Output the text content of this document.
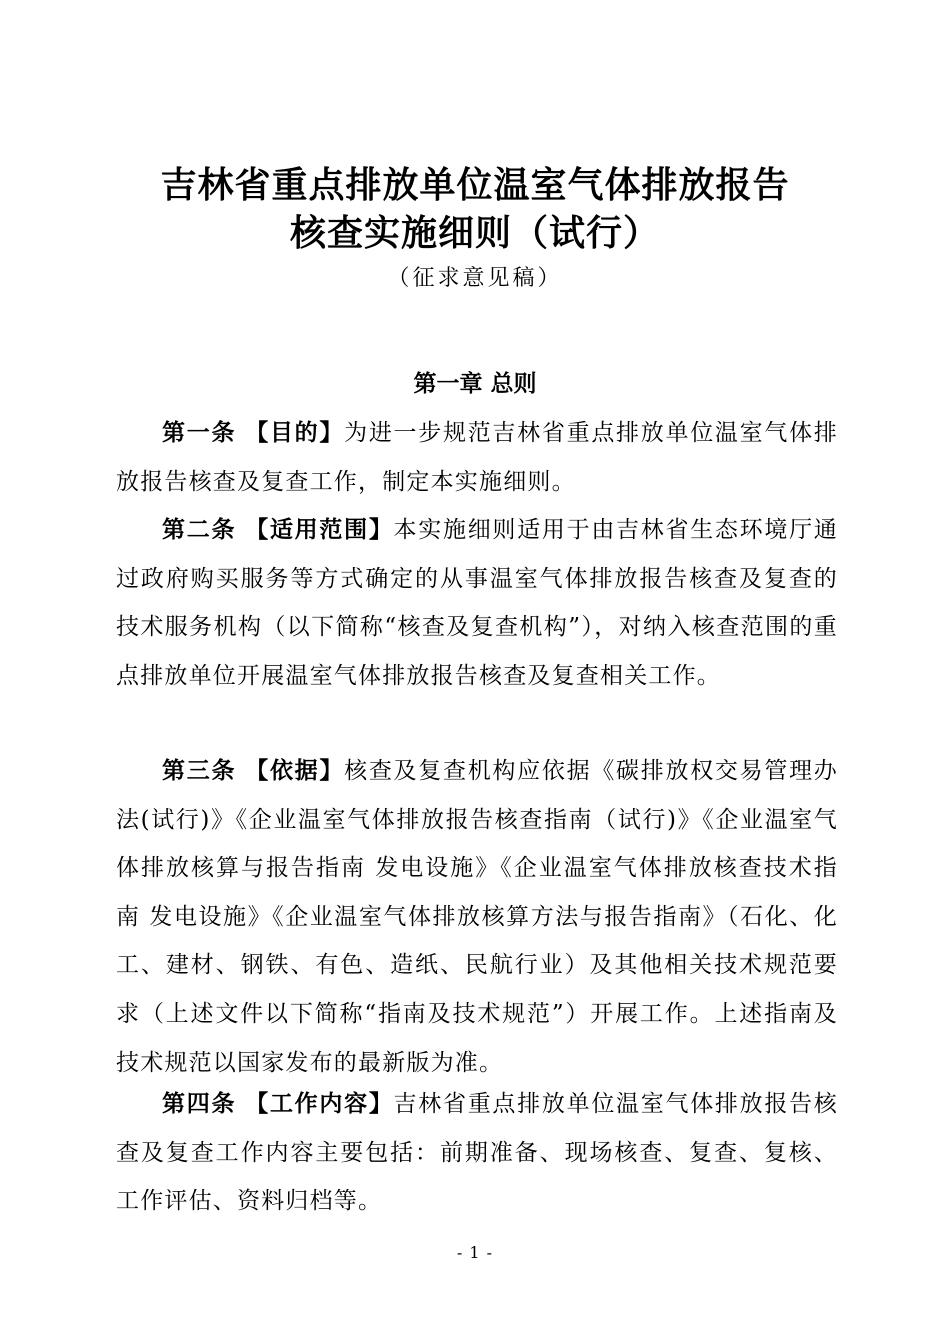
吉林省重点排放单位温室气体排放报告
核查实施细则（试行）
（征求意见稿）
第一章 总则

第一条 【目的】为进一步规范吉林省重点排放单位温室气体排放报告核查及复查工作，制定本实施细则。

第二条 【适用范围】本实施细则适用于由吉林省生态环境厅通过政府购买服务等方式确定的从事温室气体排放报告核查及复查的技术服务机构（以下简称“核查及复查机构”），对纳入核查范围的重点排放单位开展温室气体排放报告核查及复查相关工作。

第三条 【依据】核查及复查机构应依据《碳排放权交易管理办法(试行)》《企业温室气体排放报告核查指南（试行)》《企业温室气体排放核算与报告指南 发电设施》《企业温室气体排放核查技术指南 发电设施》《企业温室气体排放核算方法与报告指南》（石化、化工、建材、钢铁、有色、造纸、民航行业）及其他相关技术规范要求（上述文件以下简称“指南及技术规范”）开展工作。上述指南及技术规范以国家发布的最新版为准。

第四条 【工作内容】吉林省重点排放单位温室气体排放报告核查及复查工作内容主要包括：前期准备、现场核查、复查、复核、工作评估、资料归档等。

- 1 -
